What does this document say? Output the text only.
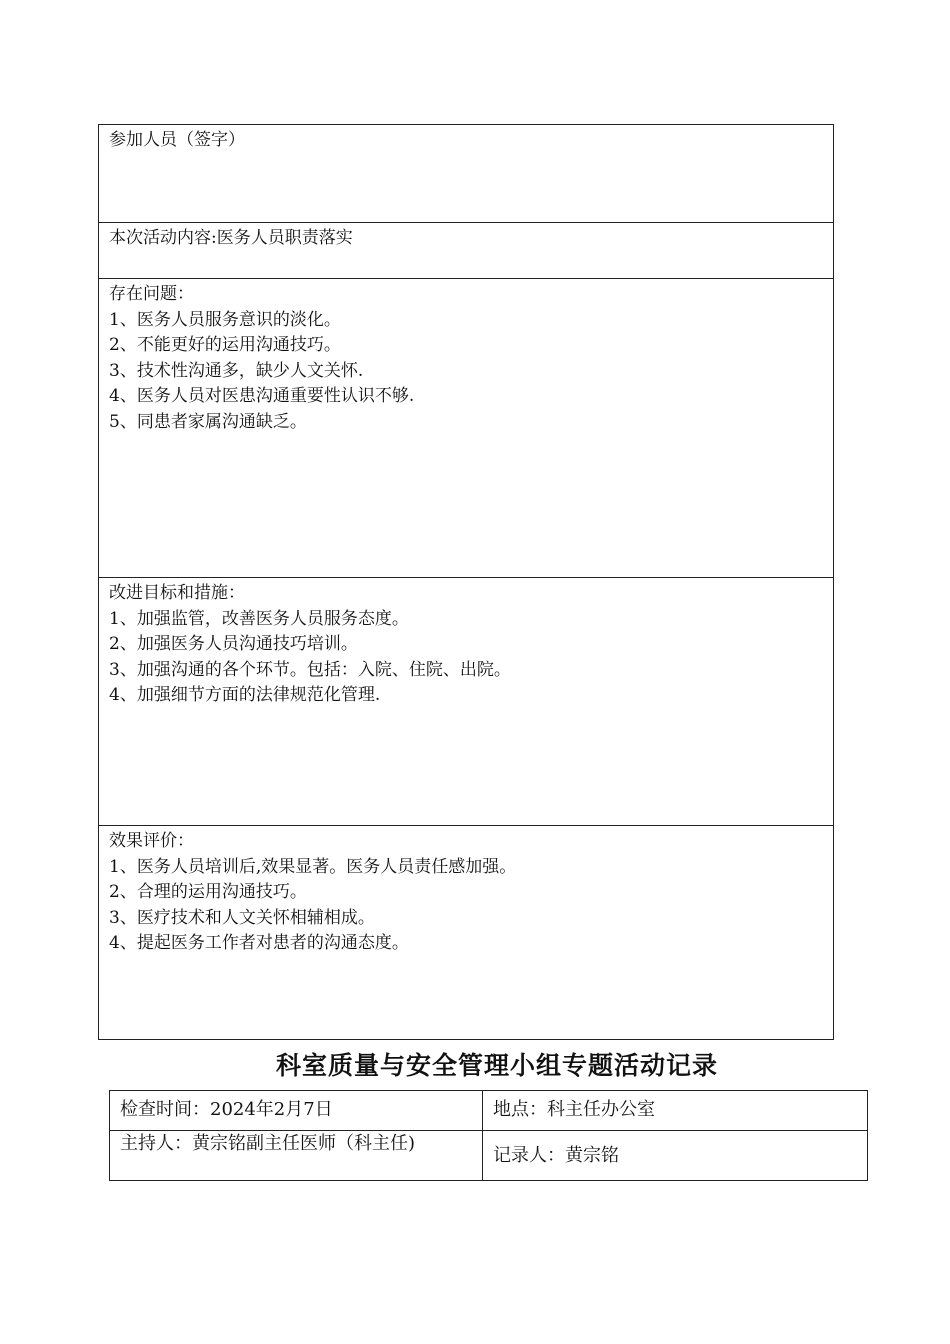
参加人员（签字）
本次活动内容:医务人员职责落实
存在问题：
1、医务人员服务意识的淡化。
2、不能更好的运用沟通技巧。
3、技术性沟通多，缺少人文关怀.
4、医务人员对医患沟通重要性认识不够.
5、同患者家属沟通缺乏。
改进目标和措施：
1、加强监管，改善医务人员服务态度。
2、加强医务人员沟通技巧培训。
3、加强沟通的各个环节。包括：入院、住院、出院。
4、加强细节方面的法律规范化管理.
效果评价：
1、医务人员培训后,效果显著。医务人员责任感加强。
2、合理的运用沟通技巧。
3、医疗技术和人文关怀相辅相成。
4、提起医务工作者对患者的沟通态度。
科室质量与安全管理小组专题活动记录
检查时间：2024年2月7日	地点：科主任办公室
主持人：黄宗铭副主任医师（科主任)
记录人：黄宗铭
